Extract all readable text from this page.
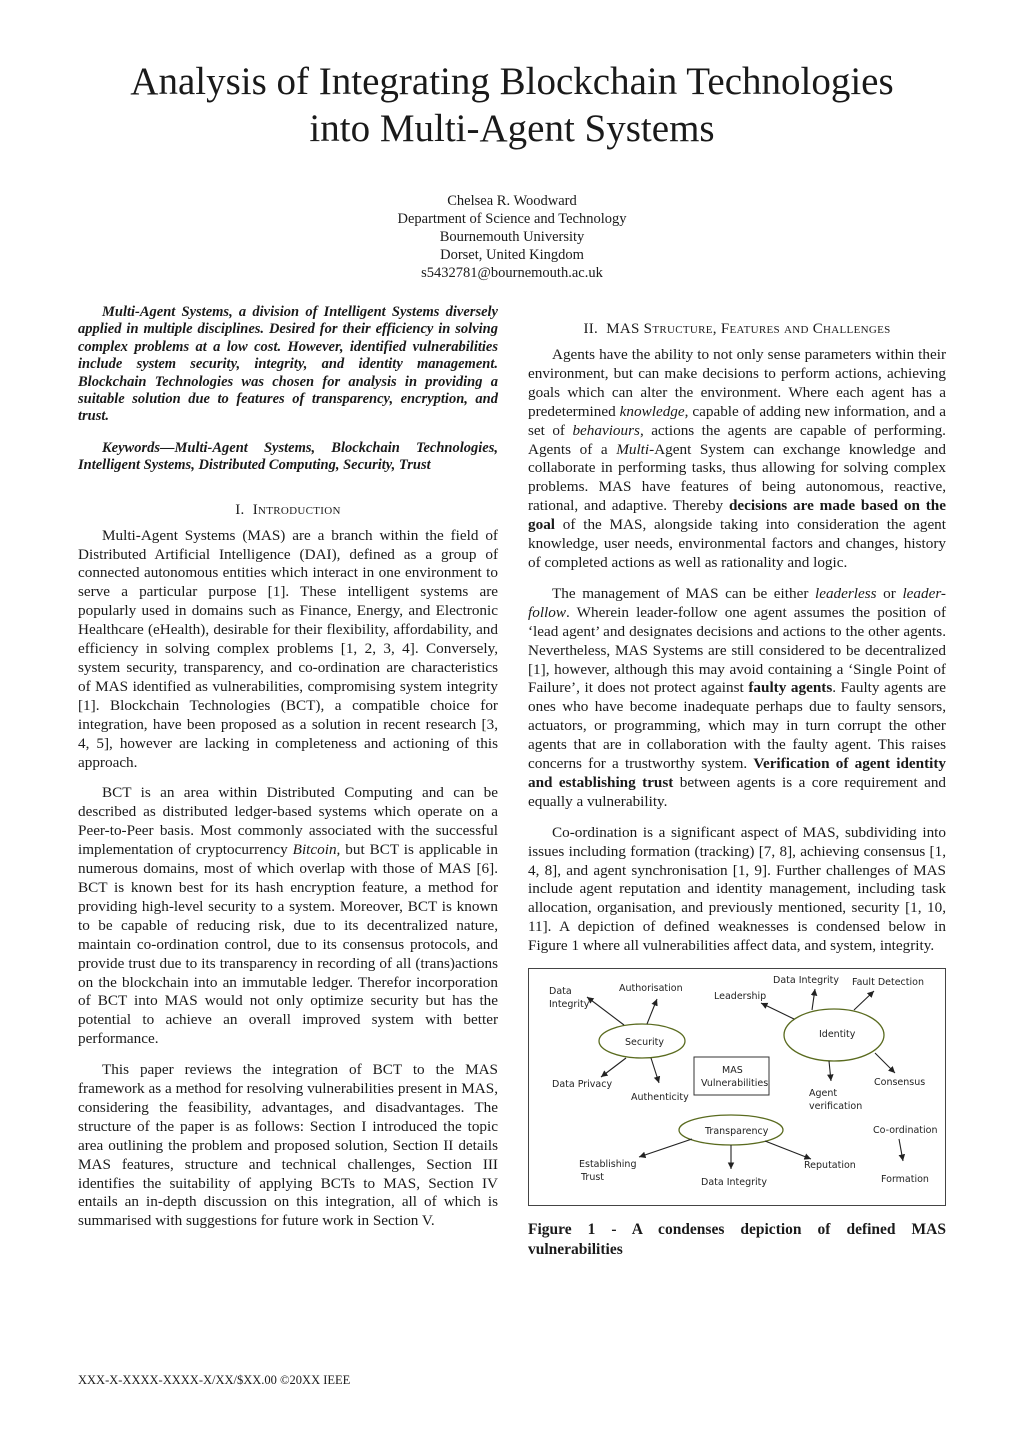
Analysis of Integrating Blockchain Technologies
into Multi-Agent Systems
Chelsea R. Woodward
Department of Science and Technology
Bournemouth University
Dorset, United Kingdom
s5432781@bournemouth.ac.uk

Multi-Agent Systems, a division of Intelligent Systems diversely applied in multiple disciplines. Desired for their efficiency in solving complex problems at a low cost. However, identified vulnerabilities include system security, integrity, and identity management. Blockchain Technologies was chosen for analysis in providing a suitable solution due to features of transparency, encryption, and trust.

Keywords—Multi-Agent Systems, Blockchain Technologies, Intelligent Systems, Distributed Computing, Security, Trust

I. Introduction

Multi-Agent Systems (MAS) are a branch within the field of Distributed Artificial Intelligence (DAI), defined as a group of connected autonomous entities which interact in one environment to serve a particular purpose [1]. These intelligent systems are popularly used in domains such as Finance, Energy, and Electronic Healthcare (eHealth), desirable for their flexibility, affordability, and efficiency in solving complex problems [1, 2, 3, 4]. Conversely, system security, transparency, and co-ordination are characteristics of MAS identified as vulnerabilities, compromising system integrity [1]. Blockchain Technologies (BCT), a compatible choice for integration, have been proposed as a solution in recent research [3, 4, 5], however are lacking in completeness and actioning of this approach.

BCT is an area within Distributed Computing and can be described as distributed ledger-based systems which operate on a Peer-to-Peer basis. Most commonly associated with the successful implementation of cryptocurrency Bitcoin, but BCT is applicable in numerous domains, most of which overlap with those of MAS [6]. BCT is known best for its hash encryption feature, a method for providing high-level security to a system. Moreover, BCT is known to be capable of reducing risk, due to its decentralized nature, maintain co-ordination control, due to its consensus protocols, and provide trust due to its transparency in recording of all (trans)actions on the blockchain into an immutable ledger. Therefor incorporation of BCT into MAS would not only optimize security but has the potential to achieve an overall improved system with better performance.

This paper reviews the integration of BCT to the MAS framework as a method for resolving vulnerabilities present in MAS, considering the feasibility, advantages, and disadvantages. The structure of the paper is as follows: Section I introduced the topic area outlining the problem and proposed solution, Section II details MAS features, structure and technical challenges, Section III identifies the suitability of applying BCTs to MAS, Section IV entails an in-depth discussion on this integration, all of which is summarised with suggestions for future work in Section V.

II. MAS Structure, Features and Challenges

Agents have the ability to not only sense parameters within their environment, but can make decisions to perform actions, achieving goals which can alter the environment. Where each agent has a predetermined knowledge, capable of adding new information, and a set of behaviours, actions the agents are capable of performing. Agents of a Multi-Agent System can exchange knowledge and collaborate in performing tasks, thus allowing for solving complex problems. MAS have features of being autonomous, reactive, rational, and adaptive. Thereby decisions are made based on the goal of the MAS, alongside taking into consideration the agent knowledge, user needs, environmental factors and changes, history of completed actions as well as rationality and logic.

The management of MAS can be either leaderless or leader-follow. Wherein leader-follow one agent assumes the position of ‘lead agent’ and designates decisions and actions to the other agents. Nevertheless, MAS Systems are still considered to be decentralized [1], however, although this may avoid containing a ‘Single Point of Failure’, it does not protect against faulty agents. Faulty agents are ones who have become inadequate perhaps due to faulty sensors, actuators, or programming, which may in turn corrupt the other agents that are in collaboration with the faulty agent. This raises concerns for a trustworthy system. Verification of agent identity and establishing trust between agents is a core requirement and equally a vulnerability.

Co-ordination is a significant aspect of MAS, subdividing into issues including formation (tracking) [7, 8], achieving consensus [1, 4, 8], and agent synchronisation [1, 9]. Further challenges of MAS include agent reputation and identity management, including task allocation, organisation, and previously mentioned, security [1, 10, 11]. A depiction of defined weaknesses is condensed below in Figure 1 where all vulnerabilities affect data, and system, integrity.

Data
Integrity
Authorisation
Leadership
Data Integrity Fault Detection
Security
Identity
MAS
Vulnerabilities
Data Privacy
Authenticity	Agent
verification
Consensus
Transparency	Co-ordination
Establishing
Trust
Reputation
Data Integrity	Formation
Figure 1 - A condenses depiction of defined MAS vulnerabilities
XXX-X-XXXX-XXXX-X/XX/$XX.00 ©20XX IEEE
